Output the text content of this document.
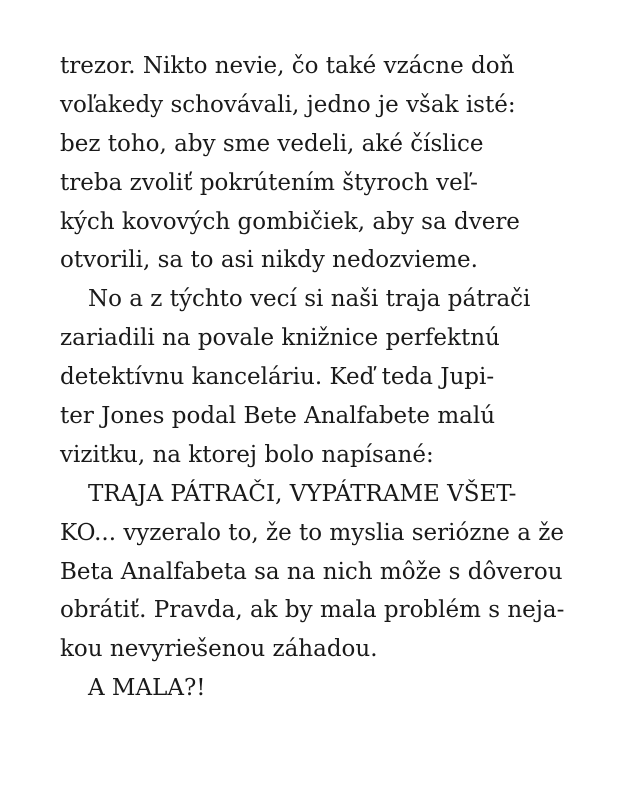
trezor. Nikto nevie, čo také vzácne doň
voľakedy schovávali, jedno je však isté:
bez toho, aby sme vedeli, aké číslice
treba zvoliť pokrútením štyroch veľ-
kých kovových gombičiek, aby sa dvere
otvorili, sa to asi nikdy nedozvieme.
No a z týchto vecí si naši traja pátrači
zariadili na povale knižnice perfektnú
detektívnu kanceláriu. Keď teda Jupi-
ter Jones podal Bete Analfabete malú
vizitku, na ktorej bolo napísané:
TRAJA PÁTRAČI, VYPÁTRAME VŠET-
KO... vyzeralo to, že to myslia seriózne a že
Beta Analfabeta sa na nich môže s dôverou
obrátiť. Pravda, ak by mala problém s neja-
kou nevyriešenou záhadou.
A MALA?!
